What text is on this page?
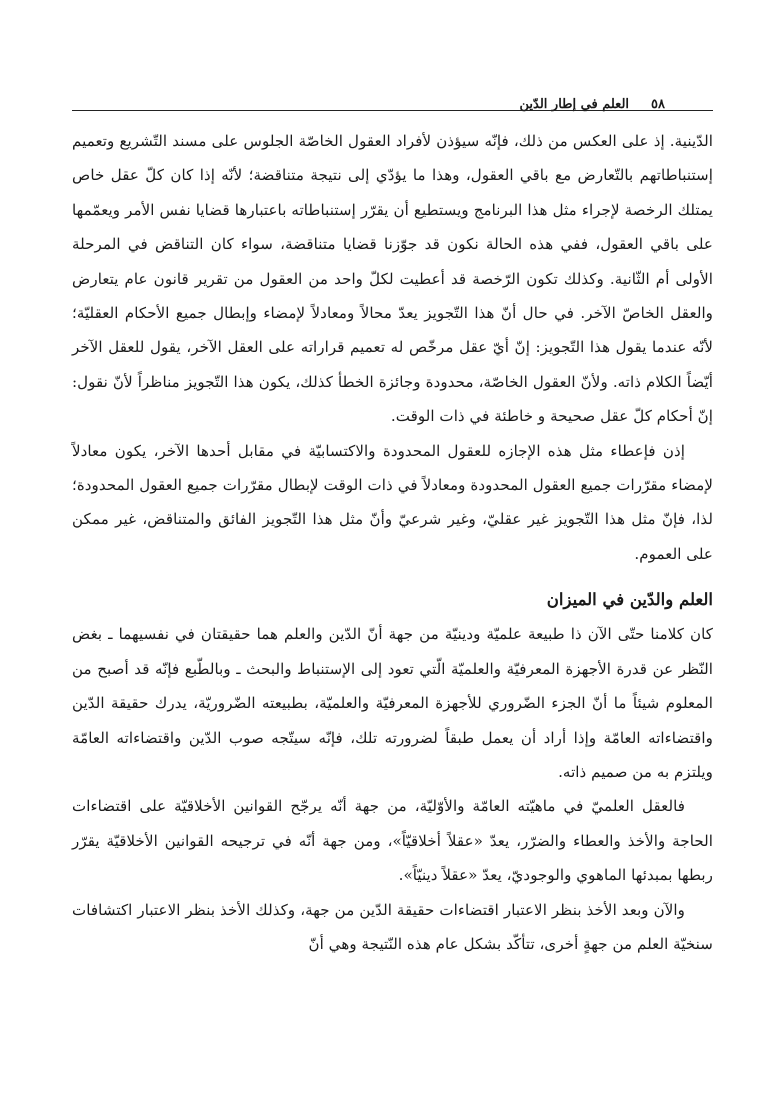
٥٨
العلم في إطار الدّين

الدّينية. إذ على العكس من ذلك، فإنّه سيؤذن لأفراد العقول الخاصّة الجلوس على مسند التّشريع وتعميم إستنباطاتهم بالتّعارض مع باقي العقول، وهذا ما يؤدّي إلى نتيجة متناقضة؛ لأنّه إذا كان كلّ عقل خاص يمتلك الرخصة لإجراء مثل هذا البرنامج ويستطيع أن يقرّر إستنباطاته باعتبارها قضايا نفس الأمر ويعمّمها على باقي العقول، ففي هذه الحالة نكون قد جوّزنا قضايا متناقضة، سواء كان التناقض في المرحلة الأولى أم الثّانية. وكذلك تكون الرّخصة قد أعطيت لكلّ واحد من العقول من تقرير قانون عام يتعارض والعقل الخاصّ الآخر. في حال أنّ هذا التّجويز يعدّ محالاً ومعادلاً لإمضاء وإبطال جميع الأحكام العقليّة؛ لأنّه عندما يقول هذا التّجويز: إنّ أيّ عقل مرخّص له تعميم قراراته على العقل الآخر، يقول للعقل الآخر أيّضاً الكلام ذاته. ولأنّ العقول الخاصّة، محدودة وجائزة الخطأ كذلك، يكون هذا التّجويز مناظراً لأنّ نقول: إنّ أحكام كلّ عقل صحيحة و خاطئة في ذات الوقت.

إذن فإعطاء مثل هذه الإجازه للعقول المحدودة والاكتسابيّة في مقابل أحدها الآخر، يكون معادلاً لإمضاء مقرّرات جميع العقول المحدودة ومعادلاً في ذات الوقت لإبطال مقرّرات جميع العقول المحدودة؛ لذا، فإنّ مثل هذا التّجويز غير عقليّ، وغير شرعيّ وأنّ مثل هذا التّجويز الفائق والمتناقض، غير ممكن على العموم.

العلم والدّين في الميزان

كان كلامنا حتّى الآن ذا طبيعة علميّة ودينيّة من جهة أنّ الدّين والعلم هما حقيقتان في نفسيهما ـ بغض النّظر عن قدرة الأجهزة المعرفيّة والعلميّة الّتي تعود إلى الإستنباط والبحث ـ وبالطّبع فإنّه قد أصبح من المعلوم شيئاً ما أنّ الجزء الضّروري للأجهزة المعرفيّة والعلميّة، بطبيعته الضّروريّة، يدرك حقيقة الدّين واقتضاءاته العامّة وإذا أراد أن يعمل طبقاً لضرورته تلك، فإنّه سيتّجه صوب الدّين واقتضاءاته العامّة ويلتزم به من صميم ذاته.

فالعقل العلميّ في ماهيّته العامّة والأوّليّة، من جهة أنّه يرجّح القوانين الأخلاقيّة على اقتضاءات الحاجة والأخذ والعطاء والضرّر، يعدّ «عقلاً أخلاقيّاً»، ومن جهة أنّه في ترجيحه القوانين الأخلاقيّة يقرّر ربطها بمبدئها الماهوي والوجوديّ، يعدّ «عقلاً دينيّاً».

والآن وبعد الأخذ بنظر الاعتبار اقتضاءات حقيقة الدّين من جهة، وكذلك الأخذ بنظر الاعتبار اكتشافات سنخيّة العلم من جهةٍ أخرى، تتأكّد بشكل عام هذه النّتيجة وهي أنّ
